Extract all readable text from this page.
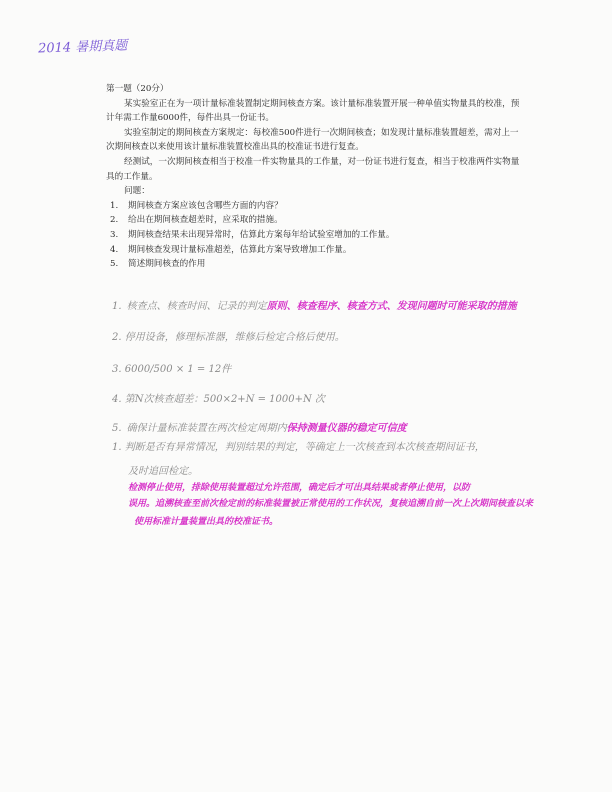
2014 暑期真题

第一题（20分）

某实验室正在为一项计量标准装置制定期间核查方案。该计量标准装置开展一种单值实物量具的校准，预计年需工作量6000件，每件出具一份证书。

实验室制定的期间核查方案规定：每校准500件进行一次期间核查；如发现计量标准装置超差，需对上一次期间核查以来使用该计量标准装置校准出具的校准证书进行复查。

经测试，一次期间核查相当于校准一件实物量具的工作量，对一份证书进行复查，相当于校准两件实物量具的工作量。

问题：

1. 期间核查方案应该包含哪些方面的内容？
2. 给出在期间核查超差时，应采取的措施。
3. 期间核查结果未出现异常时，估算此方案每年给试验室增加的工作量。
4. 期间核查发现计量标准超差，估算此方案导致增加工作量。
5. 简述期间核查的作用
1. 核查点、核查时间、记录的判定原则、核查程序、核查方式、发现问题时可能采取的措施
2. 停用设备，修理标准器，维修后检定合格后使用。
3. 6000/500 × 1 = 12件
4. 第N次核查超差：500×2+N = 1000+N 次
5. 确保计量标准装置在两次检定周期内保持测量仪器的稳定可信度
1. 判断是否有异常情况，判别结果的判定，等确定上一次核查到本次核查期间证书，
及时追回检定。
检测停止使用，排除使用装置超过允许范围，确定后才可出具结果或者停止使用，以防
误用。追溯核查至前次检定前的标准装置被正常使用的工作状况，复核追溯自前一次上次期间核查以来
使用标准计量装置出具的校准证书。
